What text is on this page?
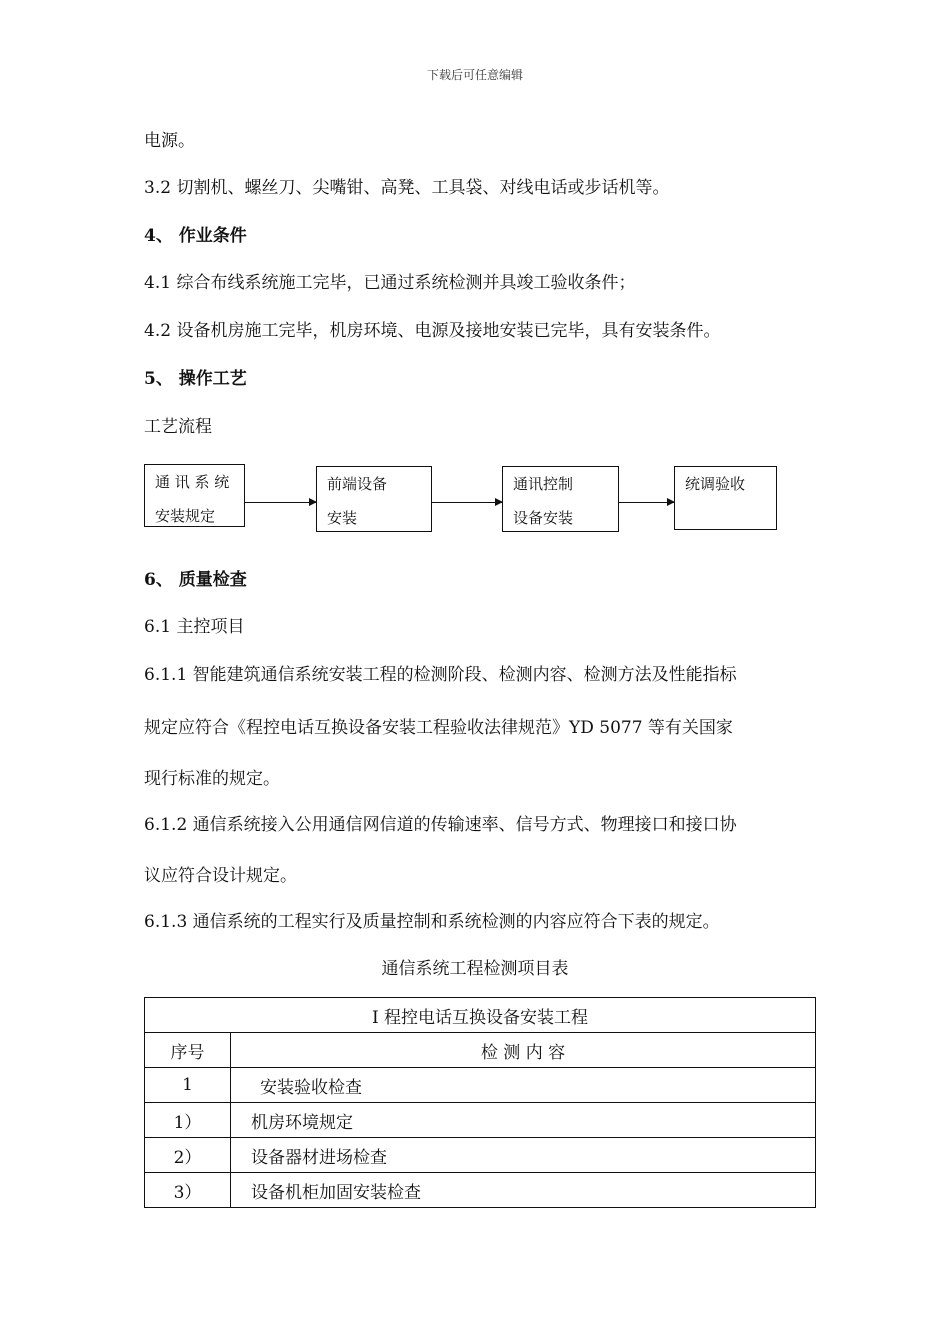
下载后可任意编辑
电源。
3.2 切割机、螺丝刀、尖嘴钳、高凳、工具袋、对线电话或步话机等。
4、 作业条件
4.1 综合布线系统施工完毕，已通过系统检测并具竣工验收条件；
4.2 设备机房施工完毕，机房环境、电源及接地安装已完毕，具有安装条件。
5、 操作工艺
工艺流程
通 讯 系 统
安装规定
前端设备
安装
通讯控制
设备安装
统调验收
6、 质量检查
6.1 主控项目
6.1.1 智能建筑通信系统安装工程的检测阶段、检测内容、检测方法及性能指标
规定应符合《程控电话互换设备安装工程验收法律规范》YD 5077 等有关国家
现行标准的规定。
6.1.2 通信系统接入公用通信网信道的传输速率、信号方式、物理接口和接口协
议应符合设计规定。
6.1.3 通信系统的工程实行及质量控制和系统检测的内容应符合下表的规定。
通信系统工程检测项目表
Ⅰ 程控电话互换设备安装工程	
序号	检 测 内 容
1	安装验收检查
1）	机房环境规定
2）	设备器材进场检查
3）	设备机柜加固安装检查
